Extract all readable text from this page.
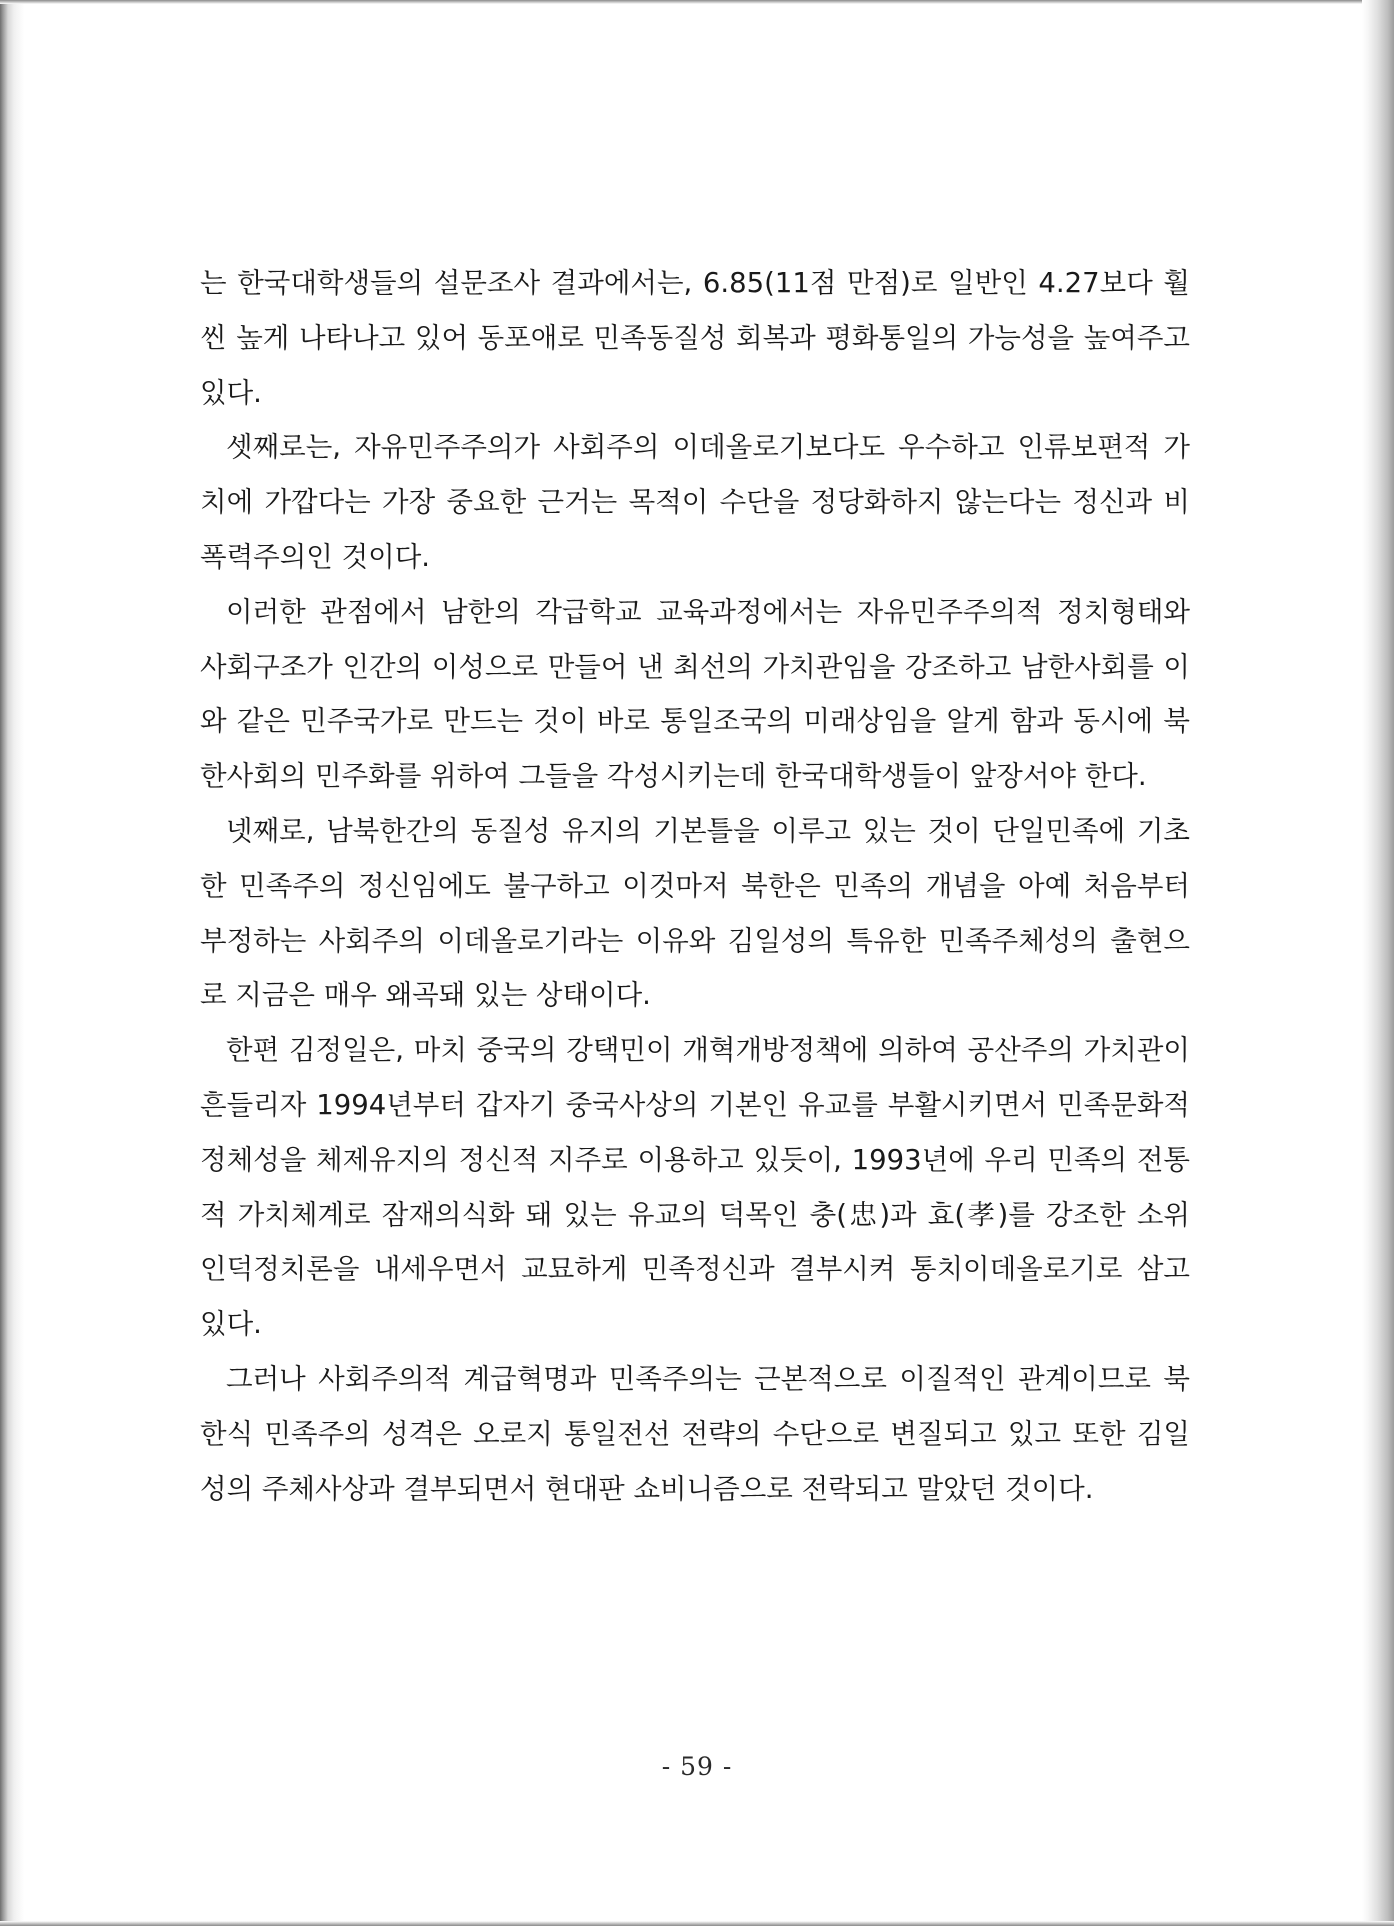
는 한국대학생들의 설문조사 결과에서는, 6.85(11점 만점)로 일반인 4.27보다 훨씬 높게 나타나고 있어 동포애로 민족동질성 회복과 평화통일의 가능성을 높여주고 있다.

셋째로는, 자유민주주의가 사회주의 이데올로기보다도 우수하고 인류보편적 가치에 가깝다는 가장 중요한 근거는 목적이 수단을 정당화하지 않는다는 정신과 비폭력주의인 것이다.

이러한 관점에서 남한의 각급학교 교육과정에서는 자유민주주의적 정치형태와 사회구조가 인간의 이성으로 만들어 낸 최선의 가치관임을 강조하고 남한사회를 이와 같은 민주국가로 만드는 것이 바로 통일조국의 미래상임을 알게 함과 동시에 북한사회의 민주화를 위하여 그들을 각성시키는데 한국대학생들이 앞장서야 한다.

넷째로, 남북한간의 동질성 유지의 기본틀을 이루고 있는 것이 단일민족에 기초한 민족주의 정신임에도 불구하고 이것마저 북한은 민족의 개념을 아예 처음부터 부정하는 사회주의 이데올로기라는 이유와 김일성의 특유한 민족주체성의 출현으로 지금은 매우 왜곡돼 있는 상태이다.

한편 김정일은, 마치 중국의 강택민이 개혁개방정책에 의하여 공산주의 가치관이 흔들리자 1994년부터 갑자기 중국사상의 기본인 유교를 부활시키면서 민족문화적 정체성을 체제유지의 정신적 지주로 이용하고 있듯이, 1993년에 우리 민족의 전통적 가치체계로 잠재의식화 돼 있는 유교의 덕목인 충(忠)과 효(孝)를 강조한 소위 인덕정치론을 내세우면서 교묘하게 민족정신과 결부시켜 통치이데올로기로 삼고 있다.

그러나 사회주의적 계급혁명과 민족주의는 근본적으로 이질적인 관계이므로 북한식 민족주의 성격은 오로지 통일전선 전략의 수단으로 변질되고 있고 또한 김일성의 주체사상과 결부되면서 현대판 쇼비니즘으로 전락되고 말았던 것이다.

- 59 -
